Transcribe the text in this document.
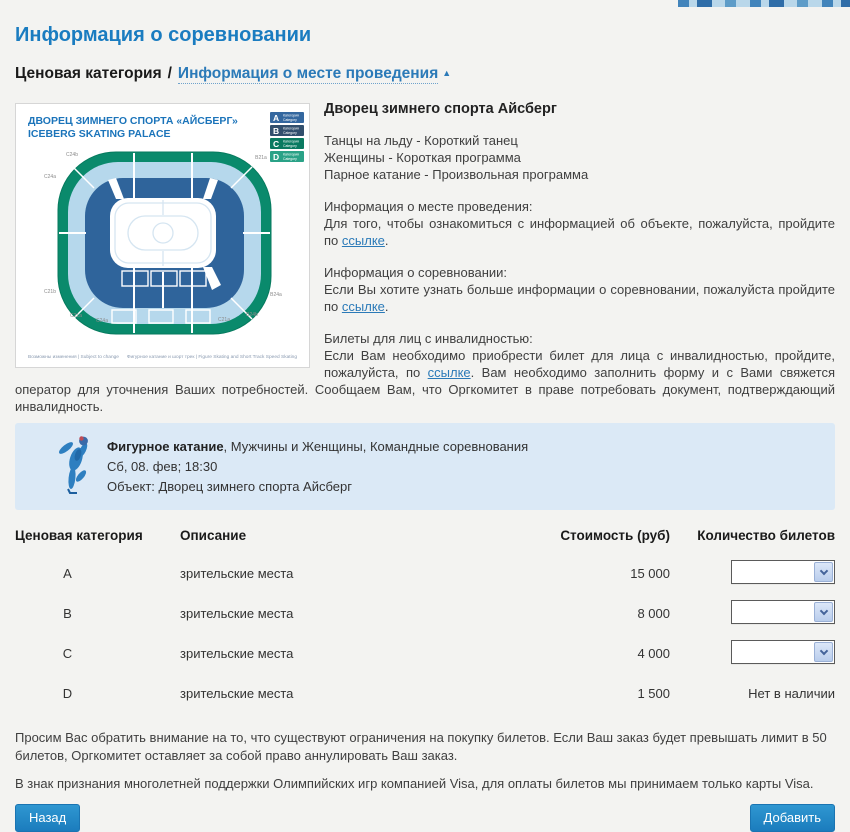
Информация о соревновании
Ценовая категория / Информация о месте проведения ▲
ДВОРЕЦ ЗИМНЕГО СПОРТА «АЙСБЕРГ»
ICEBERG SKATING PALACE
A Категория
Category
B Категория
Category
C Категория
Category
D Категория
Category
C24b
C24a
B21a
C21b
C21a
C24a	C21a
B24b
B24a
Возможны изменения | Subject to change Фигурное катание и шорт трек | Figure Skating and Short Track Speed Skating
Дворец зимнего спорта Айсберг
Танцы на льду - Короткий танец
Женщины - Короткая программа
Парное катание - Произвольная программа
Информация о месте проведения:
Для того, чтобы ознакомиться с информацией об объекте, пожалуйста, пройдите по ссылке.
Информация о соревновании:
Если Вы хотите узнать больше информации о соревновании, пожалуйста пройдите по ссылке.
Билеты для лиц с инвалидностью:
Если Вам необходимо приобрести билет для лица с инвалидностью, пройдите, пожалуйста, по ссылке. Вам необходимо заполнить форму и с Вами свяжется оператор для уточнения Ваших потребностей. Сообщаем Вам, что Оргкомитет в праве потребовать документ, подтверждающий инвалидность.
Фигурное катание, Мужчины и Женщины, Командные соревнования
Сб, 08. фев; 18:30
Объект: Дворец зимнего спорта Айсберг
Ценовая категория	Описание	Стоимость (руб)	Количество билетов
A	зрительские места	15 000	

B	зрительские места	8 000	

C	зрительские места	4 000	

D	зрительские места	1 500	Нет в наличии

Просим Вас обратить внимание на то, что существуют ограничения на покупку билетов. Если Ваш заказ будет превышать лимит в 50 билетов, Оргкомитет оставляет за собой право аннулировать Ваш заказ.

В знак признания многолетней поддержки Олимпийских игр компанией Visa, для оплаты билетов мы принимаем только карты Visa.

Назад	Добавить
